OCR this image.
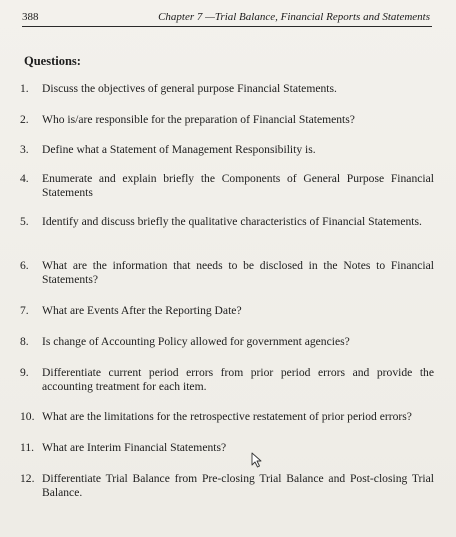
388	Chapter 7 —Trial Balance, Financial Reports and Statements
Questions:
1.	Discuss the objectives of general purpose Financial Statements.
2.	Who is/are responsible for the preparation of Financial Statements?
3.	Define what a Statement of Management Responsibility is.
4.	Enumerate and explain briefly the Components of General Purpose Financial Statements
5.	Identify and discuss briefly the qualitative characteristics of Financial Statements.
6.	What are the information that needs to be disclosed in the Notes to Financial Statements?
7.	What are Events After the Reporting Date?
8.	Is change of Accounting Policy allowed for government agencies?
9.	Differentiate current period errors from prior period errors and provide the accounting treatment for each item.
10. What are the limitations for the retrospective restatement of prior period errors?
11. What are Interim Financial Statements?
12. Differentiate Trial Balance from Pre-closing Trial Balance and Post-closing Trial Balance.
